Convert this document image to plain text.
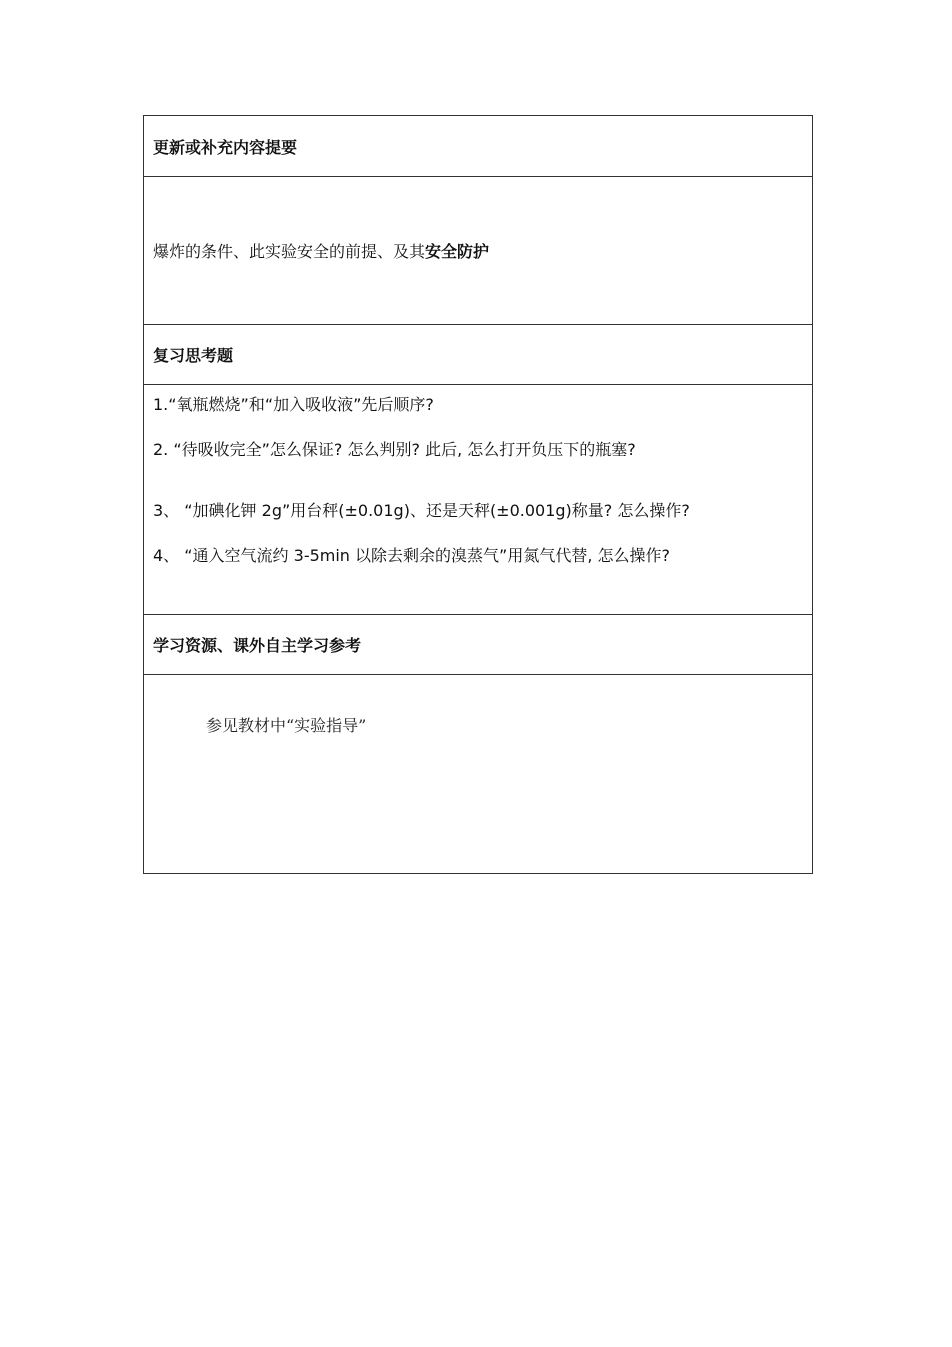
更新或补充内容提要
爆炸的条件、此实验安全的前提、及其安全防护
复习思考题
1.“氧瓶燃烧”和“加入吸收液”先后顺序?
2. “待吸收完全”怎么保证? 怎么判别? 此后, 怎么打开负压下的瓶塞?
3、 “加碘化钾 2g”用台秤(±0.01g)、还是天秤(±0.001g)称量? 怎么操作?
4、 “通入空气流约 3-5min 以除去剩余的溴蒸气”用氮气代替, 怎么操作?
学习资源、课外自主学习参考
参见教材中“实验指导”
